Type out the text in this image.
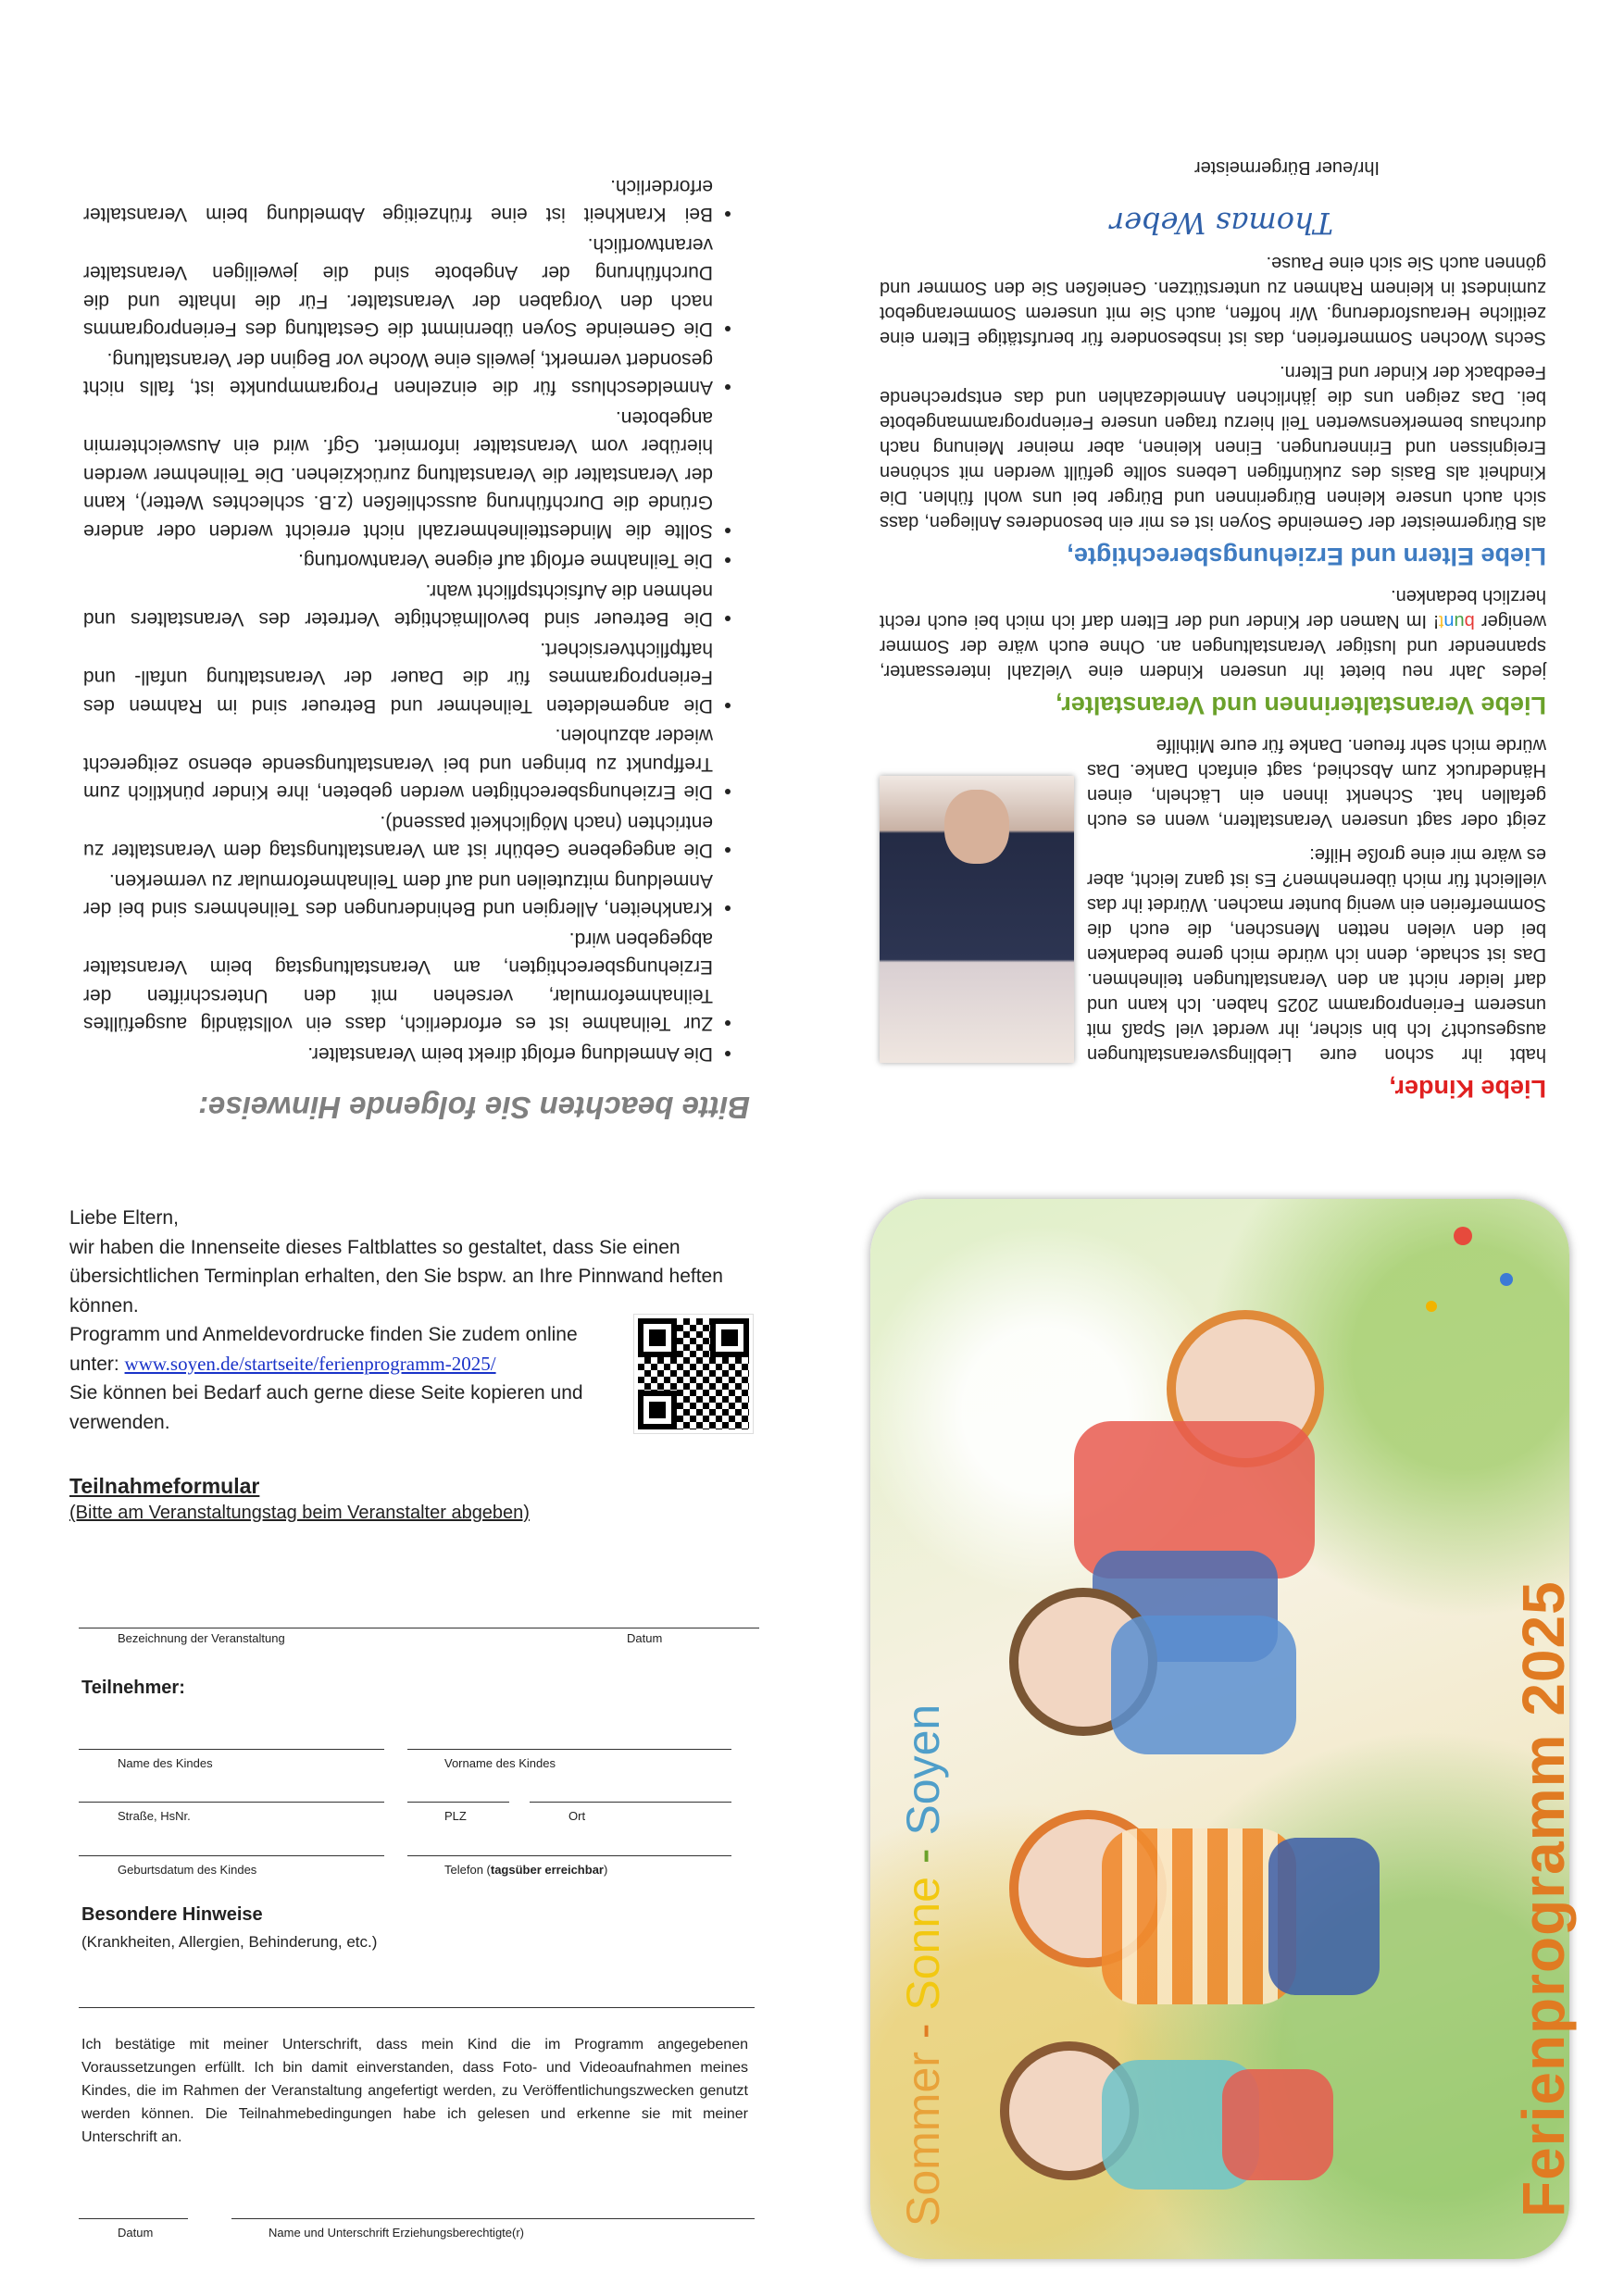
Bitte beachten Sie folgende Hinweise:
• Die Anmeldung erfolgt direkt beim Veranstalter.
• Zur Teilnahme ist es erforderlich, dass ein vollständig ausgefülltes Teilnahmeformular, versehen mit den Unterschriften der Erziehungsberechtigten, am Veranstaltungstag beim Veranstalter abgegeben wird.
• Krankheiten, Allergien und Behinderungen des Teilnehmers sind bei der Anmeldung mitzuteilen und auf dem Teilnahmeformular zu vermerken.
• Die angegebene Gebühr ist am Veranstaltungstag dem Veranstalter zu entrichten (nach Möglichkeit passend).
• Die Erziehungsberechtigten werden gebeten, ihre Kinder pünktlich zum Treffpunkt zu bringen und bei Veranstaltungsende ebenso zeitgerecht wieder abzuholen.
• Die angemeldeten Teilnehmer und Betreuer sind im Rahmen des Ferienprogrammes für die Dauer der Veranstaltung unfall- und haftpflichtversichert.
• Die Betreuer sind bevollmächtigte Vertreter des Veranstalters und nehmen die Aufsichtspflicht wahr.
• Die Teilnahme erfolgt auf eigene Verantwortung.
• Sollte die Mindestteilnehmerzahl nicht erreicht werden oder andere Gründe die Durchführung ausschließen (z.B. schlechtes Wetter), kann der Veranstalter die Veranstaltung zurückziehen. Die Teilnehmer werden hierüber vom Veranstalter informiert. Ggf. wird ein Ausweichtermin angeboten.
• Anmeldeschluss für die einzelnen Programmpunkte ist, falls nicht gesondert vermerkt, jeweils eine Woche vor Beginn der Veranstaltung.
• Die Gemeinde Soyen übernimmt die Gestaltung des Ferienprogramms nach den Vorgaben der Veranstalter. Für die Inhalte und die Durchführung der Angebote sind die jeweiligen Veranstalter verantwortlich.
• Bei Krankheit ist eine frühzeitige Abmeldung beim Veranstalter erforderlich.
Liebe Kinder,

habt ihr schon eure Lieblingsveranstaltungen ausgesucht? Ich bin sicher, ihr werdet viel Spaß mit unserem Ferienprogramm 2025 haben. Ich kann und darf leider nicht an den Veranstaltungen teilnehmen. Das ist schade, denn ich würde mich gerne bedanken bei den vielen netten Menschen, die euch die Sommerferien ein wenig bunter machen. Würdet ihr das vielleicht für mich übernehmen? Es ist ganz leicht, aber es wäre mir eine große Hilfe:

zeigt oder sagt unseren Veranstaltern, wenn es euch gefallen hat. Schenkt ihnen ein Lächeln, einen Händedruck zum Abschied, sagt einfach Danke. Das würde mich sehr freuen. Danke für eure Mithilfe

Liebe Veranstalterinnen und Veranstalter,

jedes Jahr neu bietet ihr unseren Kindern eine Vielzahl interessanter, spannender und lustiger Veranstaltungen an. Ohne euch wäre der Sommer weniger bunt! Im Namen der Kinder und der Eltern darf ich mich bei euch recht herzlich bedanken.

Liebe Eltern und Erziehungsberechtigte,

als Bürgermeister der Gemeinde Soyen ist es mir ein besonderes Anliegen, dass sich auch unsere kleinen Bürgerinnen und Bürger bei uns wohl fühlen. Die Kindheit als Basis des zukünftigen Lebens sollte gefüllt werden mit schönen Ereignissen und Erinnerungen. Einen kleinen, aber meiner Meinung nach durchaus bemerkenswerten Teil hierzu tragen unsere Ferienprogrammangebote bei. Das zeigen uns die jährlichen Anmeldezahlen und das entsprechende Feedback der Kinder und Eltern.

Sechs Wochen Sommerferien, das ist insbesondere für berufstätige Eltern eine zeitliche Herausforderung. Wir hoffen, auch Sie mit unserem Sommerangebot zumindest in kleinem Rahmen zu unterstützen. Genießen Sie den Sommer und gönnen auch Sie sich eine Pause.

Thomas Weber
Ihr/euer Bürgermeister

Liebe Eltern,

wir haben die Innenseite dieses Faltblattes so gestaltet, dass Sie einen übersichtlichen Terminplan erhalten, den Sie bspw. an Ihre Pinnwand heften können.

Programm und Anmeldevordrucke finden Sie zudem online unter: www.soyen.de/startseite/ferienprogramm-2025/

Sie können bei Bedarf auch gerne diese Seite kopieren und verwenden.

Teilnahmeformular

(Bitte am Veranstaltungstag beim Veranstalter abgeben)

Bezeichnung der Veranstaltung	Datum
Teilnehmer:
Name des Kindes	Vorname des Kindes
Straße, HsNr.	PLZ	Ort
Geburtsdatum des Kindes	Telefon (tagsüber erreichbar)
Besondere Hinweise
(Krankheiten, Allergien, Behinderung, etc.)
Ich bestätige mit meiner Unterschrift, dass mein Kind die im Programm angegebenen Voraussetzungen erfüllt. Ich bin damit einverstanden, dass Foto- und Videoaufnahmen meines Kindes, die im Rahmen der Veranstaltung angefertigt werden, zu Veröffentlichungszwecken genutzt werden können. Die Teilnahmebedingungen habe ich gelesen und erkenne sie mit meiner Unterschrift an.
Datum	Name und Unterschrift Erziehungsberechtigte(r)
Ferienprogramm 2025
Sommer - Sonne - Soyen
